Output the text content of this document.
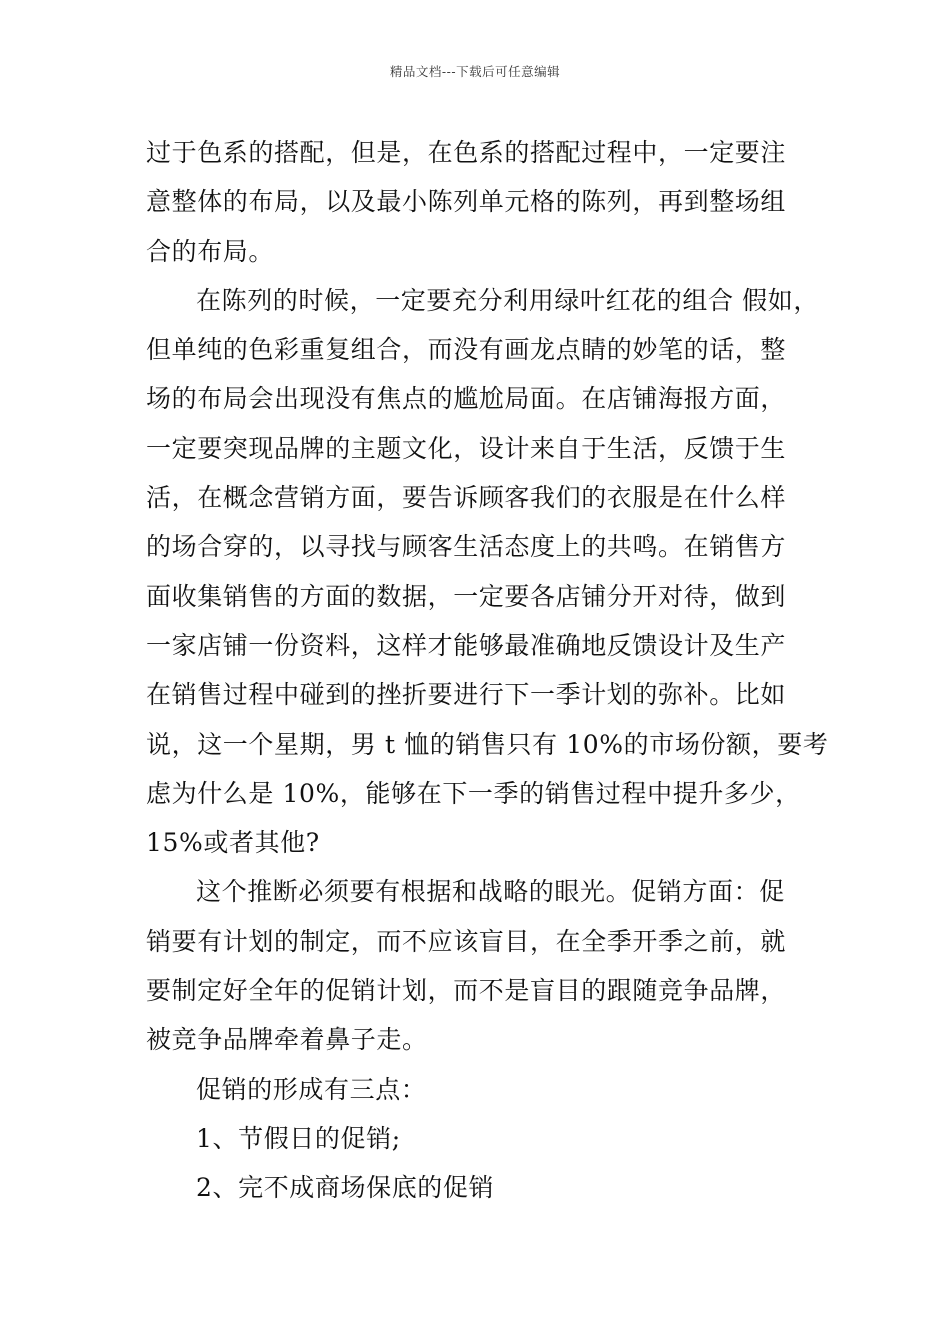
精品文档---下载后可任意编辑
过于色系的搭配，但是，在色系的搭配过程中，一定要注
意整体的布局，以及最小陈列单元格的陈列，再到整场组
合的布局。
在陈列的时候，一定要充分利用绿叶红花的组合 假如，
但单纯的色彩重复组合，而没有画龙点睛的妙笔的话，整
场的布局会出现没有焦点的尴尬局面。在店铺海报方面，
一定要突现品牌的主题文化，设计来自于生活，反馈于生
活，在概念营销方面，要告诉顾客我们的衣服是在什么样
的场合穿的，以寻找与顾客生活态度上的共鸣。在销售方
面收集销售的方面的数据，一定要各店铺分开对待，做到
一家店铺一份资料，这样才能够最准确地反馈设计及生产
在销售过程中碰到的挫折要进行下一季计划的弥补。比如
说，这一个星期，男 t 恤的销售只有 10%的市场份额，要考
虑为什么是 10%，能够在下一季的销售过程中提升多少，
15%或者其他?
这个推断必须要有根据和战略的眼光。促销方面：促
销要有计划的制定，而不应该盲目，在全季开季之前，就
要制定好全年的促销计划，而不是盲目的跟随竞争品牌，
被竞争品牌牵着鼻子走。
促销的形成有三点：
1、节假日的促销;
2、完不成商场保底的促销
